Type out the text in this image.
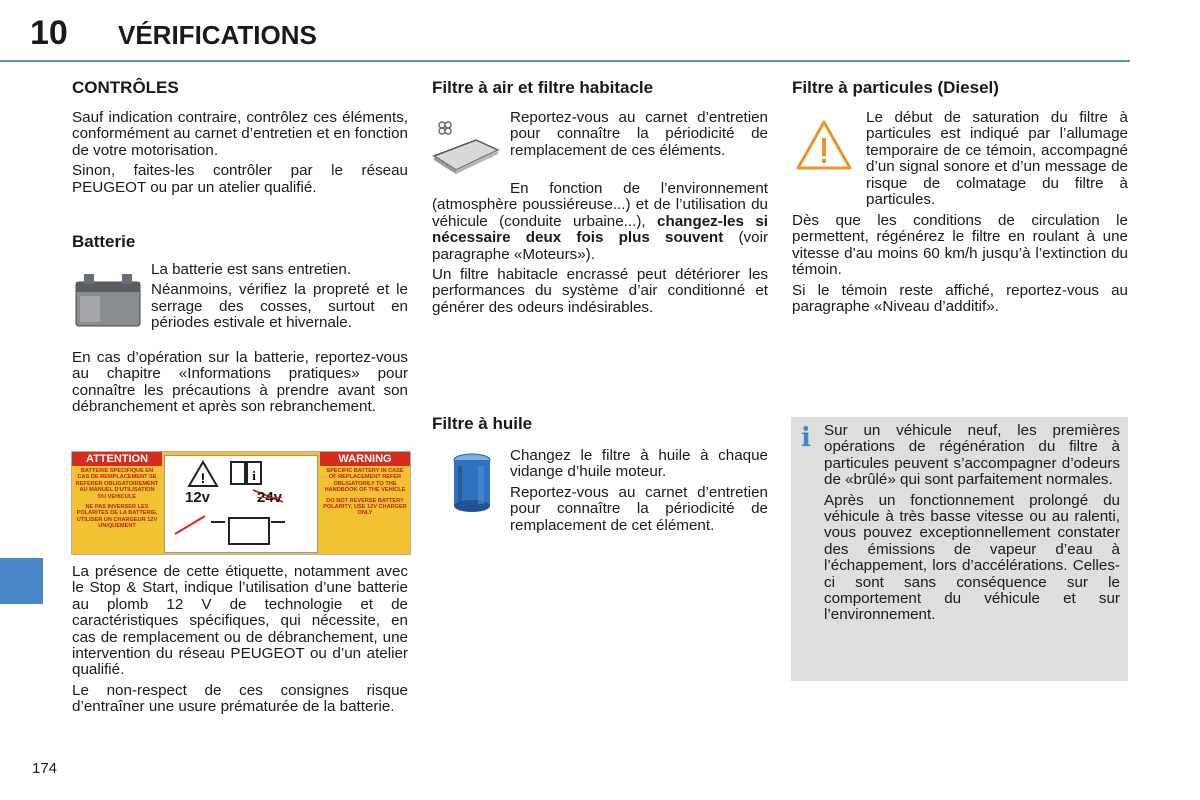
10 VÉRIFICATIONS
174
CONTRÔLES

Sauf indication contraire, contrôlez ces éléments, conformément au carnet d’entretien et en fonction de votre motorisation.

Sinon, faites-les contrôler par le réseau PEUGEOT ou par un atelier qualifié.

Batterie

La batterie est sans entretien.

Néanmoins, vérifiez la propreté et le serrage des cosses, surtout en périodes estivale et hivernale.

En cas d’opération sur la batterie, reportez-vous au chapitre «Informations pratiques» pour connaître les précautions à prendre avant son débranchement et après son rebranchement.

ATTENTION
BATTERIE SPECIFIQUE EN CAS DE REMPLACEMENT SE REFERER OBLIGATOIREMENT AU MANUEL D'UTILISATION DU VEHICULE
NE PAS INVERSER LES POLARITES DE LA BATTERIE, UTILISER UN CHARGEUR 12V UNIQUEMENT
!	i
12v	24v
WARNING
SPECIFIC BATTERY IN CASE OF REPLACEMENT REFER OBLIGATORILY TO THE HANDBOOK OF THE VEHICLE
DO NOT REVERSE BATTERY POLARITY, USE 12V CHARGER ONLY

La présence de cette étiquette, notamment avec le Stop & Start, indique l’utilisation d’une batterie au plomb 12 V de technologie et de caractéristiques spécifiques, qui nécessite, en cas de remplacement ou de débranchement, une intervention du réseau PEUGEOT ou d’un atelier qualifié.

Le non-respect de ces consignes risque d’entraîner une usure prématurée de la batterie.

Filtre à air et filtre habitacle

Reportez-vous au carnet d’entretien pour connaître la périodicité de remplacement de ces éléments.

En fonction de l’environnement (atmosphère poussiéreuse...) et de l’utilisation du véhicule (conduite urbaine...), changez-les si nécessaire deux fois plus souvent (voir paragraphe «Moteurs»).

Un filtre habitacle encrassé peut détériorer les performances du système d’air conditionné et générer des odeurs indésirables.

Filtre à huile

Changez le filtre à huile à chaque vidange d’huile moteur.

Reportez-vous au carnet d’entretien pour connaître la périodicité de remplacement de cet élément.

Filtre à particules (Diesel)

Le début de saturation du filtre à particules est indiqué par l’allumage temporaire de ce témoin, accompagné d’un signal sonore et d’un message de risque de colmatage du filtre à particules.

Dès que les conditions de circulation le permettent, régénérez le filtre en roulant à une vitesse d’au moins 60 km/h jusqu’à l’extinction du témoin.

Si le témoin reste affiché, reportez-vous au paragraphe «Niveau d’additif».

i Sur un véhicule neuf, les premières opérations de régénération du filtre à particules peuvent s’accompagner d’odeurs de «brûlé» qui sont parfaitement normales.

Après un fonctionnement prolongé du véhicule à très basse vitesse ou au ralenti, vous pouvez exceptionnellement constater des émissions de vapeur d’eau à l’échappement, lors d’accélérations. Celles-ci sont sans conséquence sur le comportement du véhicule et sur l’environnement.
